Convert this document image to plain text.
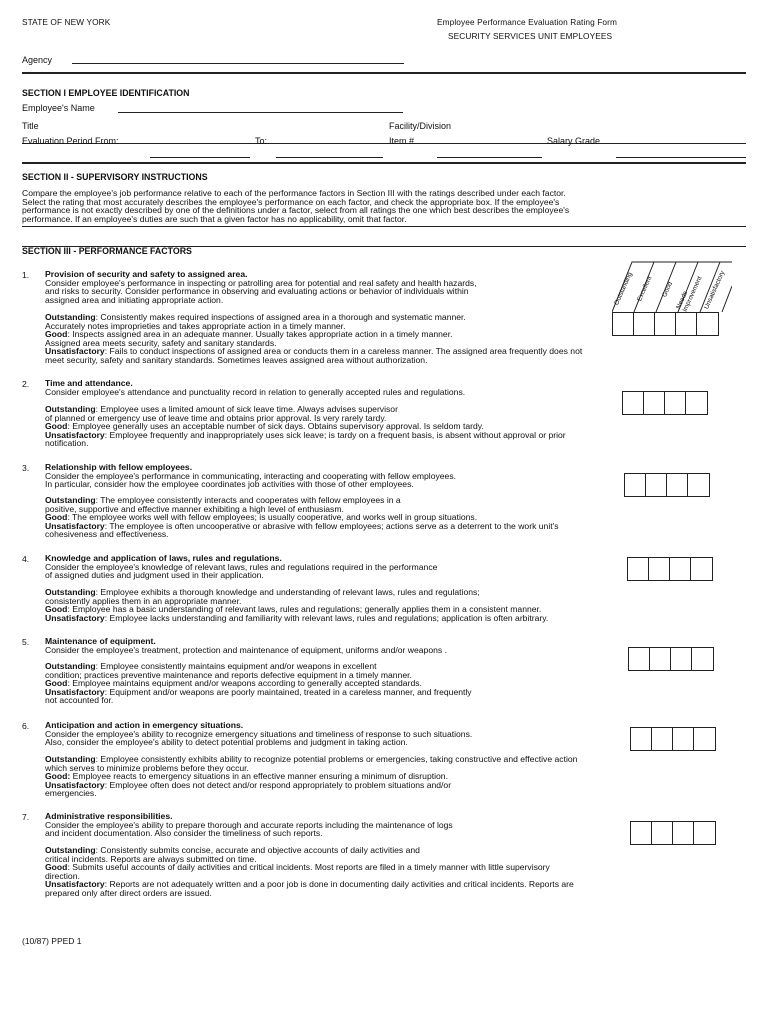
STATE OF NEW YORK	Employee Performance Evaluation Rating Form
SECURITY SERVICES UNIT EMPLOYEES
Agency
SECTION I EMPLOYEE IDENTIFICATION
Employee's Name
Title	Facility/Division
Evaluation Period From:	To:	Item #	Salary Grade
SECTION II - SUPERVISORY INSTRUCTIONS
Compare the employee's job performance relative to each of the performance factors in Section III with the ratings described under each factor.
Select the rating that most accurately describes the employee's performance on each factor, and check the appropriate box. If the employee's
performance is not exactly described by one of the definitions under a factor, select from all ratings the one which best describes the employee's
performance. If an employee's duties are such that a given factor has no applicability, omit that factor.
SECTION III - PERFORMANCE FACTORS
Outstanding Excellent Good
Needs Improvement Unsatisfactory
1. Provision of security and safety to assigned area.
Consider employee's performance in inspecting or patrolling area for potential and real safety and health hazards,
and risks to security. Consider performance in observing and evaluating actions or behavior of individuals within
assigned area and initiating appropriate action.
Outstanding: Consistently makes required inspections of assigned area in a thorough and systematic manner.
Accurately notes improprieties and takes appropriate action in a timely manner.
Good: Inspects assigned area in an adequate manner. Usually takes appropriate action in a timely manner.
Assigned area meets security, safety and sanitary standards.
Unsatisfactory: Fails to conduct inspections of assigned area or conducts them in a careless manner. The assigned area frequently does not
meet security, safety and sanitary standards. Sometimes leaves assigned area without authorization.
2. Time and attendance.
Consider employee's attendance and punctuality record in relation to generally accepted rules and regulations.
Outstanding: Employee uses a limited amount of sick leave time. Always advises supervisor
of planned or emergency use of leave time and obtains prior approval. Is very rarely tardy.
Good: Employee generally uses an acceptable number of sick days. Obtains supervisory approval. Is seldom tardy.
Unsatisfactory: Employee frequently and inappropriately uses sick leave; is tardy on a frequent basis, is absent without approval or prior
notification.
3. Relationship with fellow employees.
Consider the employee's performance in communicating, interacting and cooperating with fellow employees.
In particular, consider how the employee coordinates job activities with those of other employees.
Outstanding: The employee consistently interacts and cooperates with fellow employees in a
positive, supportive and effective manner exhibiting a high level of enthusiasm.
Good: The employee works well with fellow employees; is usually cooperative, and works well in group situations.
Unsatisfactory: The employee is often uncooperative or abrasive with fellow employees; actions serve as a deterrent to the work unit's
cohesiveness and effectiveness.
4. Knowledge and application of laws, rules and regulations.
Consider the employee's knowledge of relevant laws, rules and regulations required in the performance
of assigned duties and judgment used in their application.
Outstanding: Employee exhibits a thorough knowledge and understanding of relevant laws, rules and regulations;
consistently applies them in an appropriate manner.
Good: Employee has a basic understanding of relevant laws, rules and regulations; generally applies them in a consistent manner.
Unsatisfactory: Employee lacks understanding and familiarity with relevant laws, rules and regulations; application is often arbitrary.
5. Maintenance of equipment.
Consider the employee's treatment, protection and maintenance of equipment, uniforms and/or weapons .
Outstanding: Employee consistently maintains equipment and/or weapons in excellent
condition; practices preventive maintenance and reports defective equipment in a timely manner.
Good: Employee maintains equipment and/or weapons according to generally accepted standards.
Unsatisfactory: Equipment and/or weapons are poorly maintained, treated in a careless manner, and frequently
not accounted for.
6. Anticipation and action in emergency situations.
Consider the employee's ability to recognize emergency situations and timeliness of response to such situations.
Also, consider the employee's ability to detect potential problems and judgment in taking action.
Outstanding: Employee consistently exhibits ability to recognize potential problems or emergencies, taking constructive and effective action
which serves to minimize problems before they occur.
Good: Employee reacts to emergency situations in an effective manner ensuring a minimum of disruption.
Unsatisfactory: Employee often does not detect and/or respond appropriately to problem situations and/or
emergencies.
7. Administrative responsibilities.
Consider the employee's ability to prepare thorough and accurate reports including the maintenance of logs
and incident documentation. Also consider the timeliness of such reports.
Outstanding: Consistently submits concise, accurate and objective accounts of daily activities and
critical incidents. Reports are always submitted on time.
Good: Submits useful accounts of daily activities and critical incidents. Most reports are filed in a timely manner with little supervisory
direction.
Unsatisfactory: Reports are not adequately written and a poor job is done in documenting daily activities and critical incidents. Reports are
prepared only after direct orders are issued.
(10/87) PPED 1
